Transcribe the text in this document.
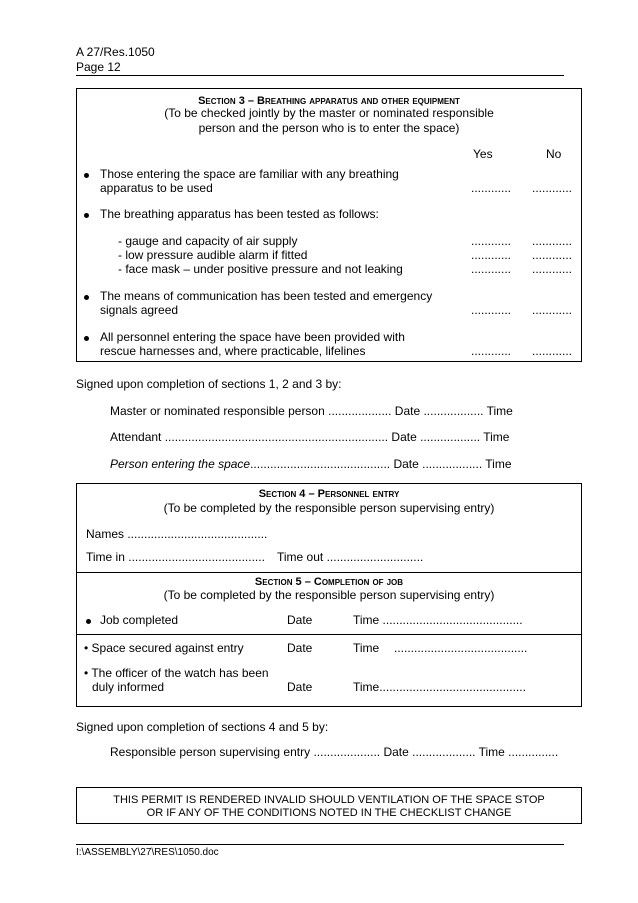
A 27/Res.1050
Page 12
Section 3 – Breathing apparatus and other equipment
(To be checked jointly by the master or nominated responsible
person and the person who is to enter the space)
Yes	No
Those entering the space are familiar with any breathing
apparatus to be used	............ ............
The breathing apparatus has been tested as follows:
- gauge and capacity of air supply	............ ............
- low pressure audible alarm if fitted	............ ............
- face mask – under positive pressure and not leaking	............ ............
The means of communication has been tested and emergency
signals agreed	............ ............
All personnel entering the space have been provided with
rescue harnesses and, where practicable, lifelines	............ ............
Signed upon completion of sections 1, 2 and 3 by:
Master or nominated responsible person ................... Date .................. Time
Attendant ................................................................... Date .................. Time
Person entering the space.......................................... Date .................. Time
Section 4 – Personnel entry
(To be completed by the responsible person supervising entry)
Names ..........................................
Time in ......................................... Time out .............................
Section 5 – Completion of job
(To be completed by the responsible person supervising entry)
Job completed	Date	Time ..........................................
• Space secured against entry	Date	Time ........................................
• The officer of the watch has been
duly informed	Date	Time............................................
Signed upon completion of sections 4 and 5 by:
Responsible person supervising entry .................... Date ................... Time ...............
THIS PERMIT IS RENDERED INVALID SHOULD VENTILATION OF THE SPACE STOP
OR IF ANY OF THE CONDITIONS NOTED IN THE CHECKLIST CHANGE
I:\ASSEMBLY\27\RES\1050.doc
